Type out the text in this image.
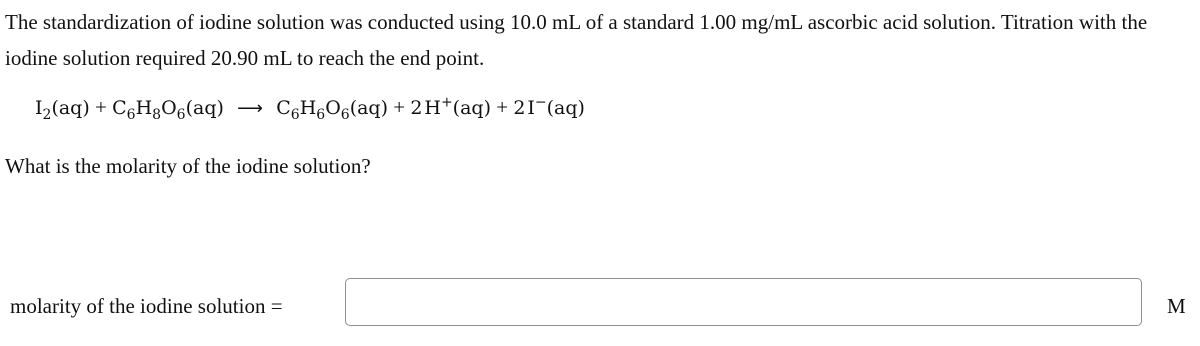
The standardization of iodine solution was conducted using 10.0 mL of a standard 1.00 mg/mL ascorbic acid solution. Titration with the iodine solution required 20.90 mL to reach the end point.
$I_2(aq) + C_6H_8O_6(aq)$ ⟶ $C_6H_6O_6(aq) + 2$  H+(aq) + 2  I−(aq)
What is the molarity of the iodine solution?
molarity of the iodine solution =	M
